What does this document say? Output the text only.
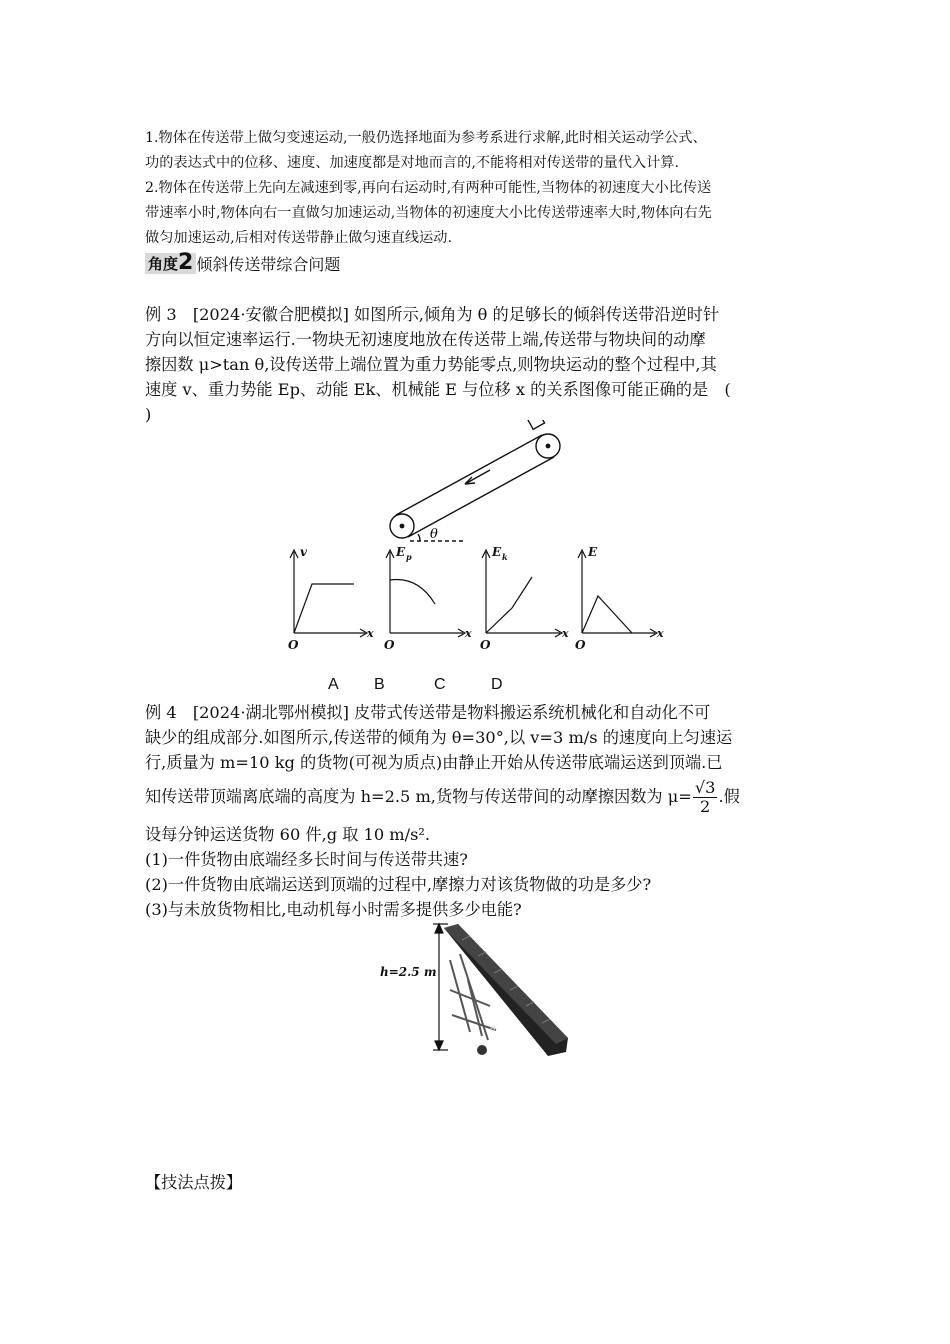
1.物体在传送带上做匀变速运动,一般仍选择地面为参考系进行求解,此时相关运动学公式、
功的表达式中的位移、速度、加速度都是对地而言的,不能将相对传送带的量代入计算.
2.物体在传送带上先向左减速到零,再向右运动时,有两种可能性,当物体的初速度大小比传送
带速率小时,物体向右一直做匀加速运动,当物体的初速度大小比传送带速率大时,物体向右先
做匀加速运动,后相对传送带静止做匀速直线运动.
角度2 倾斜传送带综合问题
例 3　[2024·安徽合肥模拟] 如图所示,倾角为 θ 的足够长的倾斜传送带沿逆时针
方向以恒定速率运行.一物块无初速度地放在传送带上端,传送带与物块间的动摩
擦因数 μ>tan θ,设传送带上端位置为重力势能零点,则物块运动的整个过程中,其
速度 v、重力势能 Ep、动能 Ek、机械能 E 与位移 x 的关系图像可能正确的是　(
)
θ
v
x
O
E p
x
O
E k
x
O
E
x
O
A B	C	D
例 4　[2024·湖北鄂州模拟] 皮带式传送带是物料搬运系统机械化和自动化不可
缺少的组成部分.如图所示,传送带的倾角为 θ=30°,以 v=3 m/s 的速度向上匀速运
行,质量为 m=10 kg 的货物(可视为质点)由静止开始从传送带底端运送到顶端.已
知传送带顶端离底端的高度为 h=2.5 m,货物与传送带间的动摩擦因数为 $\mu= \frac{√3}{2}$ .假
设每分钟运送货物 60 件,g 取 10 m/s².
(1)一件货物由底端经多长时间与传送带共速?
(2)一件货物由底端运送到顶端的过程中,摩擦力对该货物做的功是多少?
(3)与未放货物相比,电动机每小时需多提供多少电能?
h=2.5 m
θ
【技法点拨】
